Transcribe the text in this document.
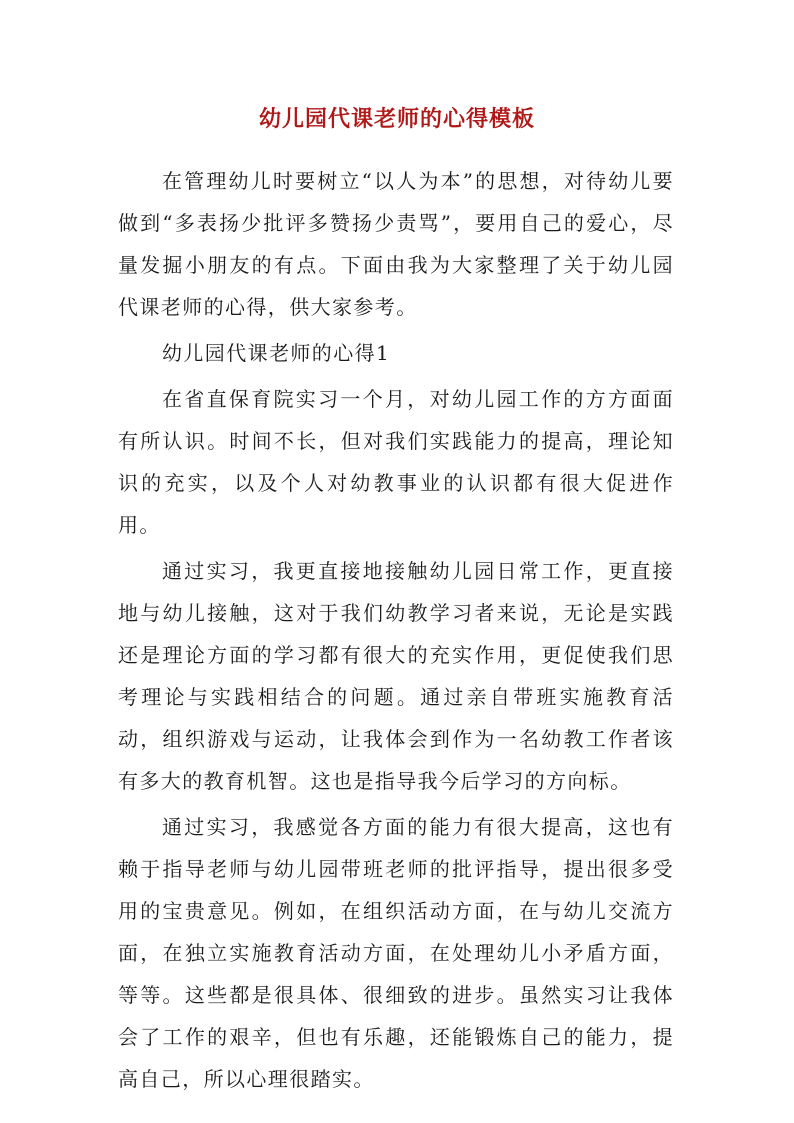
幼儿园代课老师的心得模板

在管理幼儿时要树立“以人为本”的思想，对待幼儿要做到“多表扬少批评多赞扬少责骂”，要用自己的爱心，尽量发掘小朋友的有点。下面由我为大家整理了关于幼儿园代课老师的心得，供大家参考。

幼儿园代课老师的心得1

在省直保育院实习一个月，对幼儿园工作的方方面面有所认识。时间不长，但对我们实践能力的提高，理论知识的充实，以及个人对幼教事业的认识都有很大促进作用。

通过实习，我更直接地接触幼儿园日常工作，更直接地与幼儿接触，这对于我们幼教学习者来说，无论是实践还是理论方面的学习都有很大的充实作用，更促使我们思考理论与实践相结合的问题。通过亲自带班实施教育活动，组织游戏与运动，让我体会到作为一名幼教工作者该有多大的教育机智。这也是指导我今后学习的方向标。

通过实习，我感觉各方面的能力有很大提高，这也有赖于指导老师与幼儿园带班老师的批评指导，提出很多受用的宝贵意见。例如，在组织活动方面，在与幼儿交流方面，在独立实施教育活动方面，在处理幼儿小矛盾方面，等等。这些都是很具体、很细致的进步。虽然实习让我体会了工作的艰辛，但也有乐趣，还能锻炼自己的能力，提高自己，所以心理很踏实。
